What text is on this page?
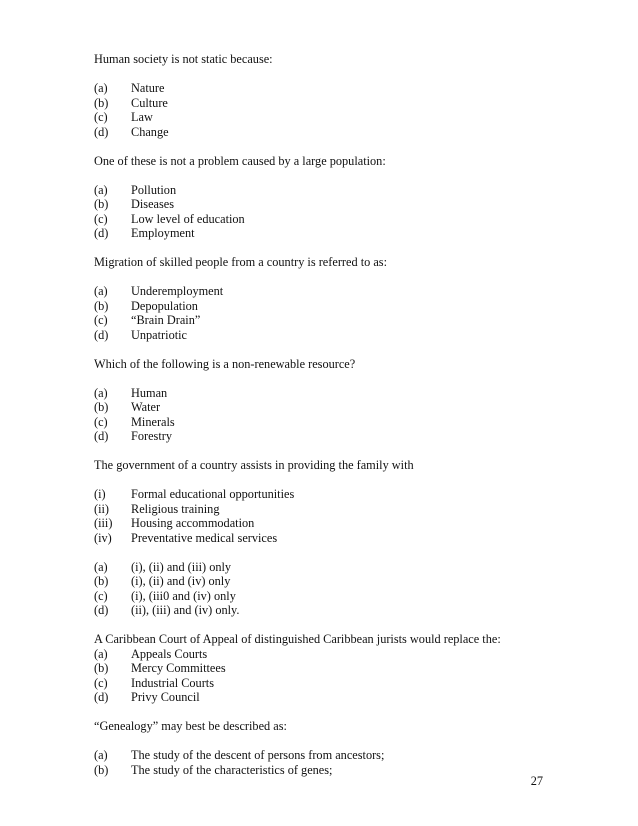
Human society is not static because:

(a)	Nature
(b)	Culture
(c)	Law
(d)	Change

One of these is not a problem caused by a large population:

(a)	Pollution
(b)	Diseases
(c)	Low level of education
(d)	Employment

Migration of skilled people from a country is referred to as:

(a)	Underemployment
(b)	Depopulation
(c)	“Brain Drain”
(d)	Unpatriotic

Which of the following is a non-renewable resource?

(a)	Human
(b)	Water
(c)	Minerals
(d)	Forestry

The government of a country assists in providing the family with

(i)	Formal educational opportunities
(ii)	Religious training
(iii)	Housing accommodation
(iv)	Preventative medical services
(a)	(i), (ii) and (iii) only
(b)	(i), (ii) and (iv) only
(c)	(i), (iii0 and (iv) only
(d)	(ii), (iii) and (iv) only.

A Caribbean Court of Appeal of distinguished Caribbean jurists would replace the:

(a)	Appeals Courts
(b)	Mercy Committees
(c)	Industrial Courts
(d)	Privy Council

“Genealogy” may best be described as:

(a)	The study of the descent of persons from ancestors;
(b)	The study of the characteristics of genes;
27
